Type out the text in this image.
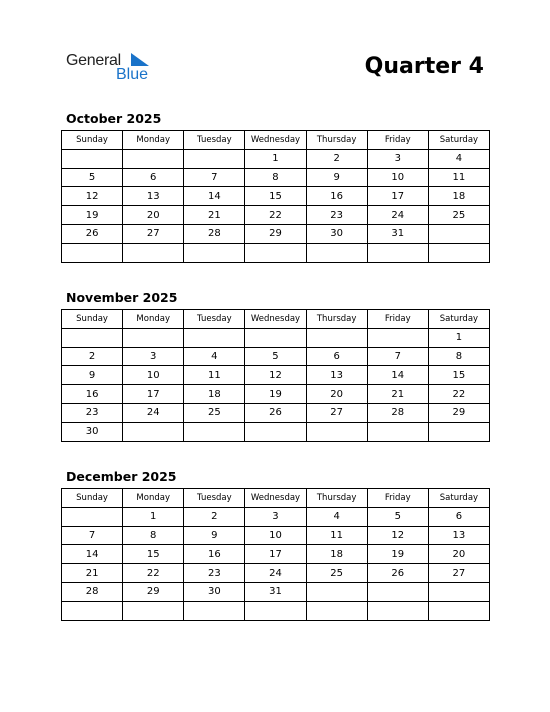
General
Blue	Quarter 4
October 2025
Sunday	Monday	Tuesday	Wednesday	Thursday	Friday	Saturday
			1	2	3	4
5	6	7	8	9	10	11
12	13	14	15	16	17	18
19	20	21	22	23	24	25
26	27	28	29	30	31	

November 2025
Sunday	Monday	Tuesday	Wednesday	Thursday	Friday	Saturday
						1
2	3	4	5	6	7	8
9	10	11	12	13	14	15
16	17	18	19	20	21	22
23	24	25	26	27	28	29
30						
December 2025
Sunday	Monday	Tuesday	Wednesday	Thursday	Friday	Saturday
	1	2	3	4	5	6
7	8	9	10	11	12	13
14	15	16	17	18	19	20
21	22	23	24	25	26	27
28	29	30	31			
